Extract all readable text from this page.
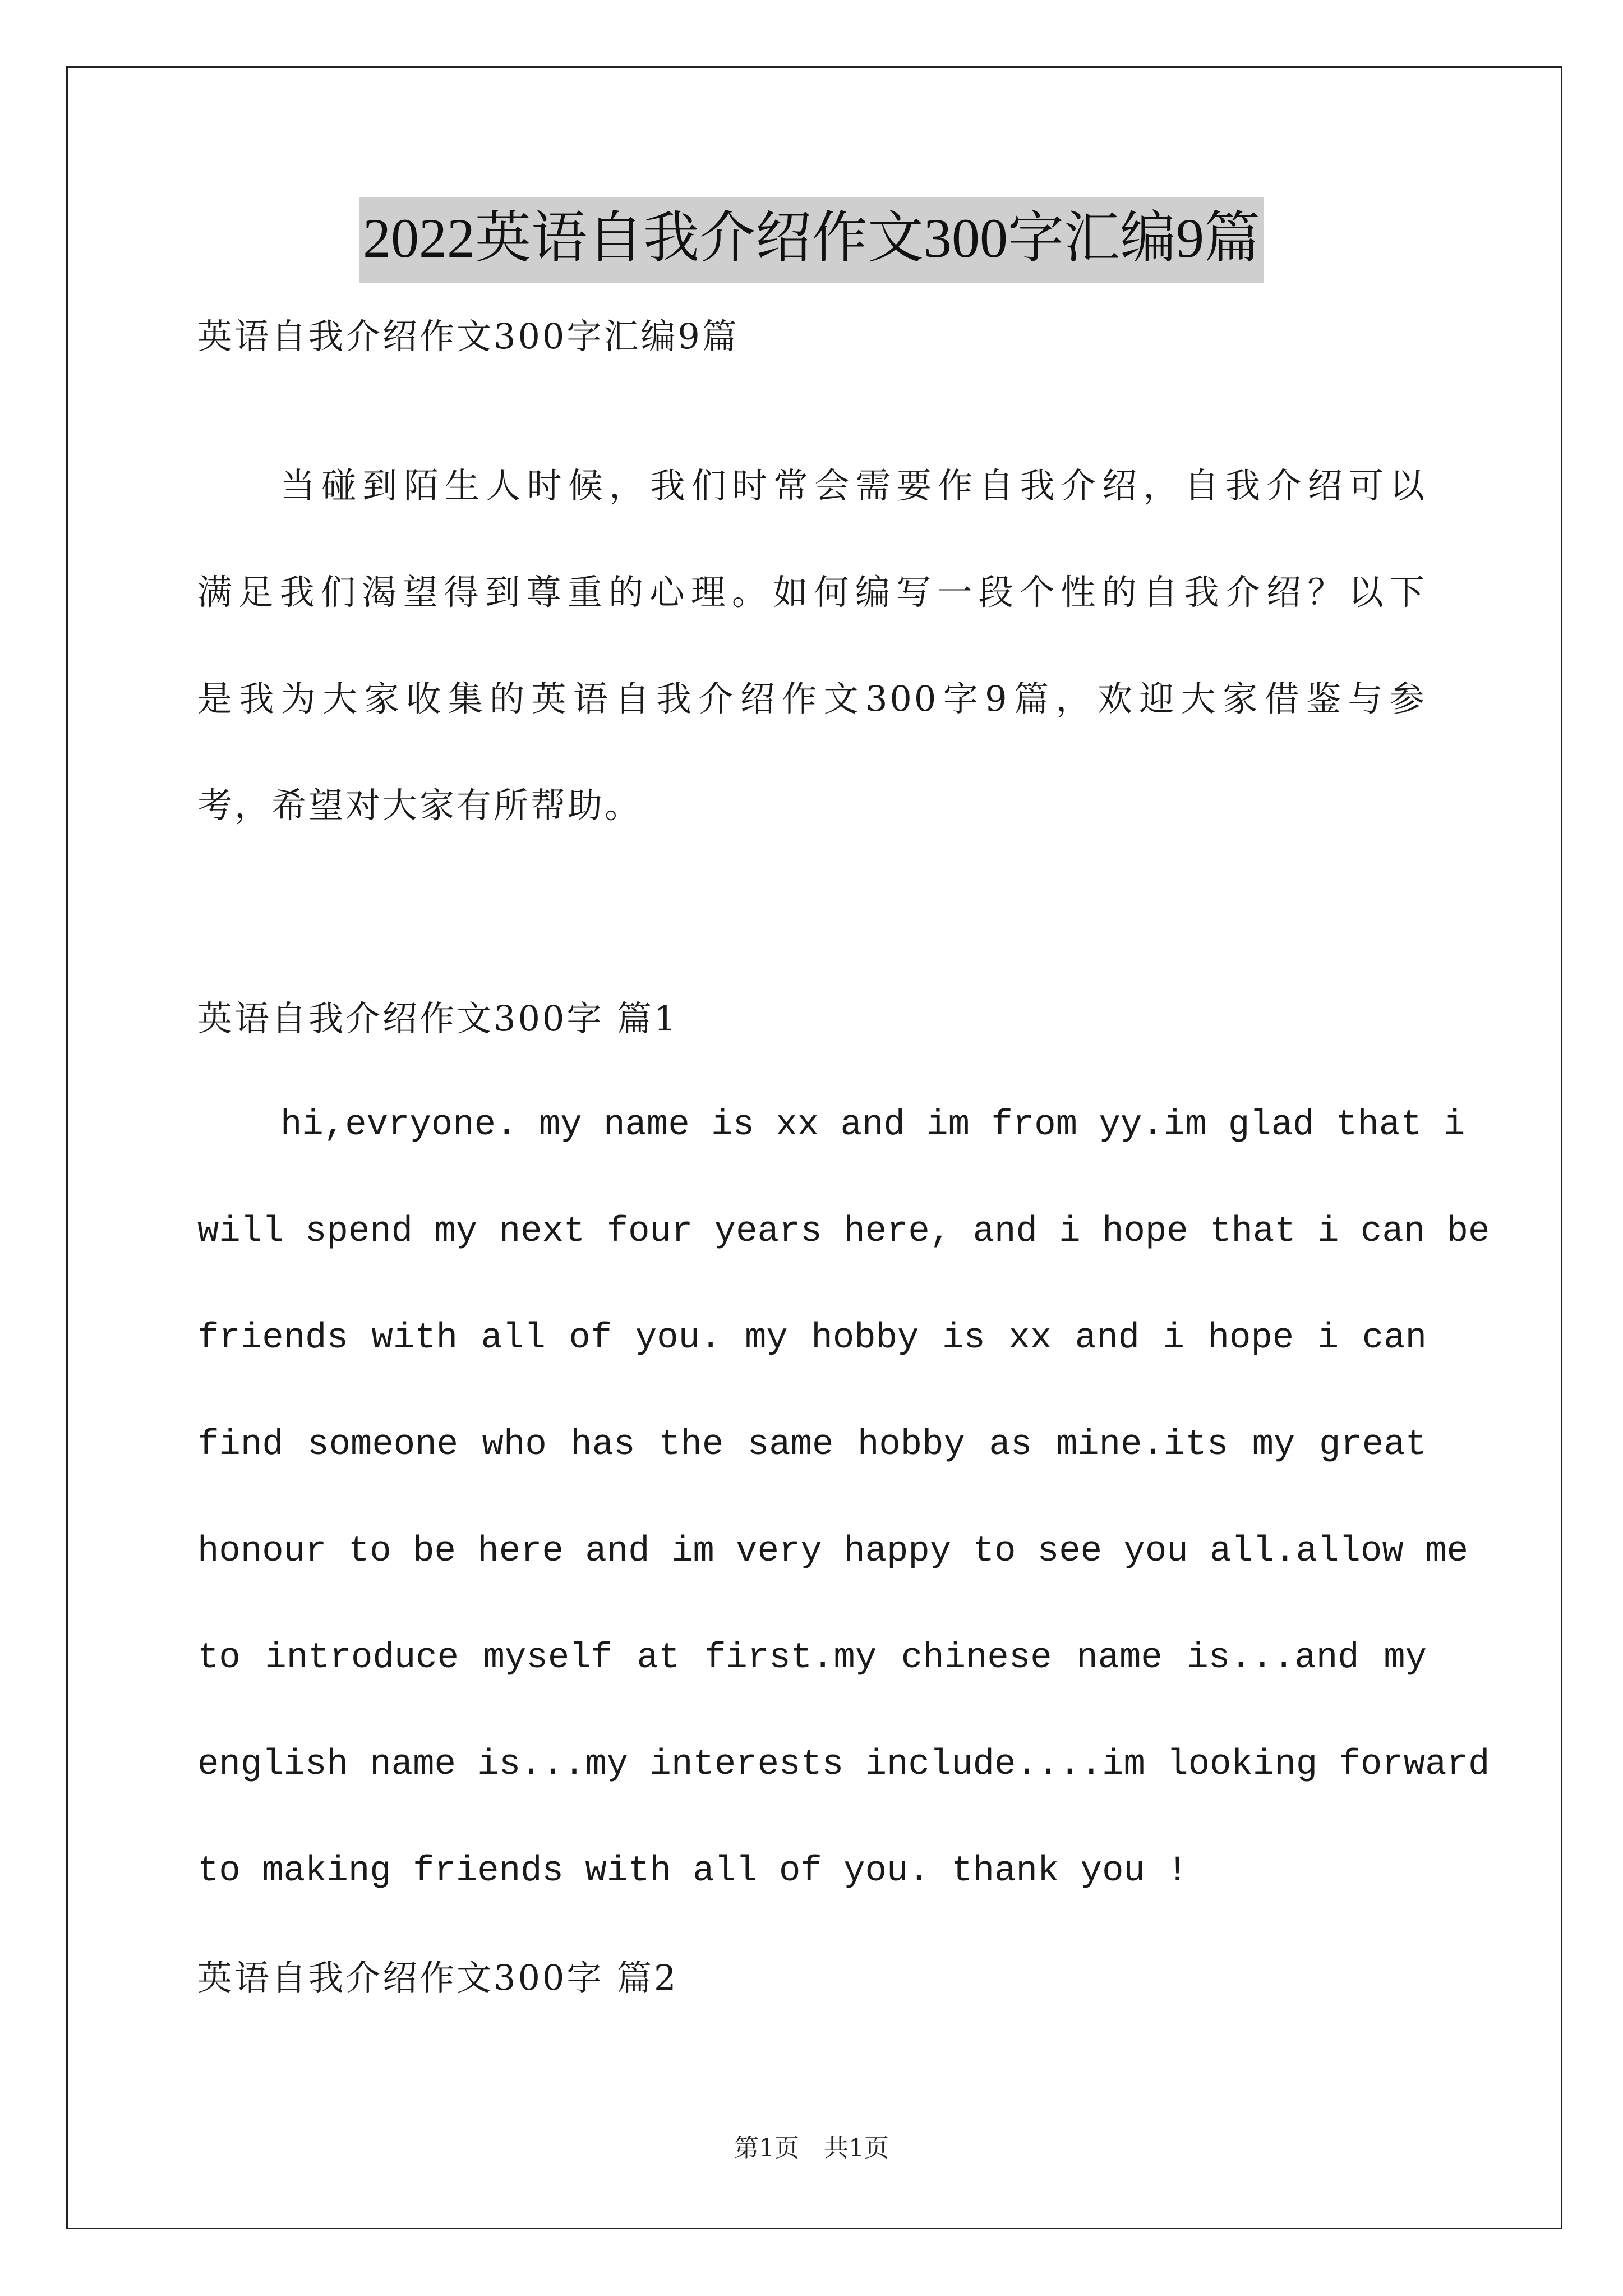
2022英语自我介绍作文300字汇编9篇
英语自我介绍作文300字汇编9篇
当碰到陌生人时候，我们时常会需要作自我介绍，自我介绍可以
满足我们渴望得到尊重的心理。如何编写一段个性的自我介绍？以下
是我为大家收集的英语自我介绍作文300字9篇，欢迎大家借鉴与参
考，希望对大家有所帮助。
英语自我介绍作文300字 篇1
hi,evryone. my name is xx and im from yy.im glad that i
will spend my next four years here, and i hope that i can be
friends with all of you. my hobby is xx and i hope i can
find someone who has the same hobby as mine.its my great
honour to be here and im very happy to see you all.allow me
to introduce myself at first.my chinese name is...and my
english name is...my interests include....im looking forward
to making friends with all of you. thank you !
英语自我介绍作文300字 篇2
第1页　共1页
